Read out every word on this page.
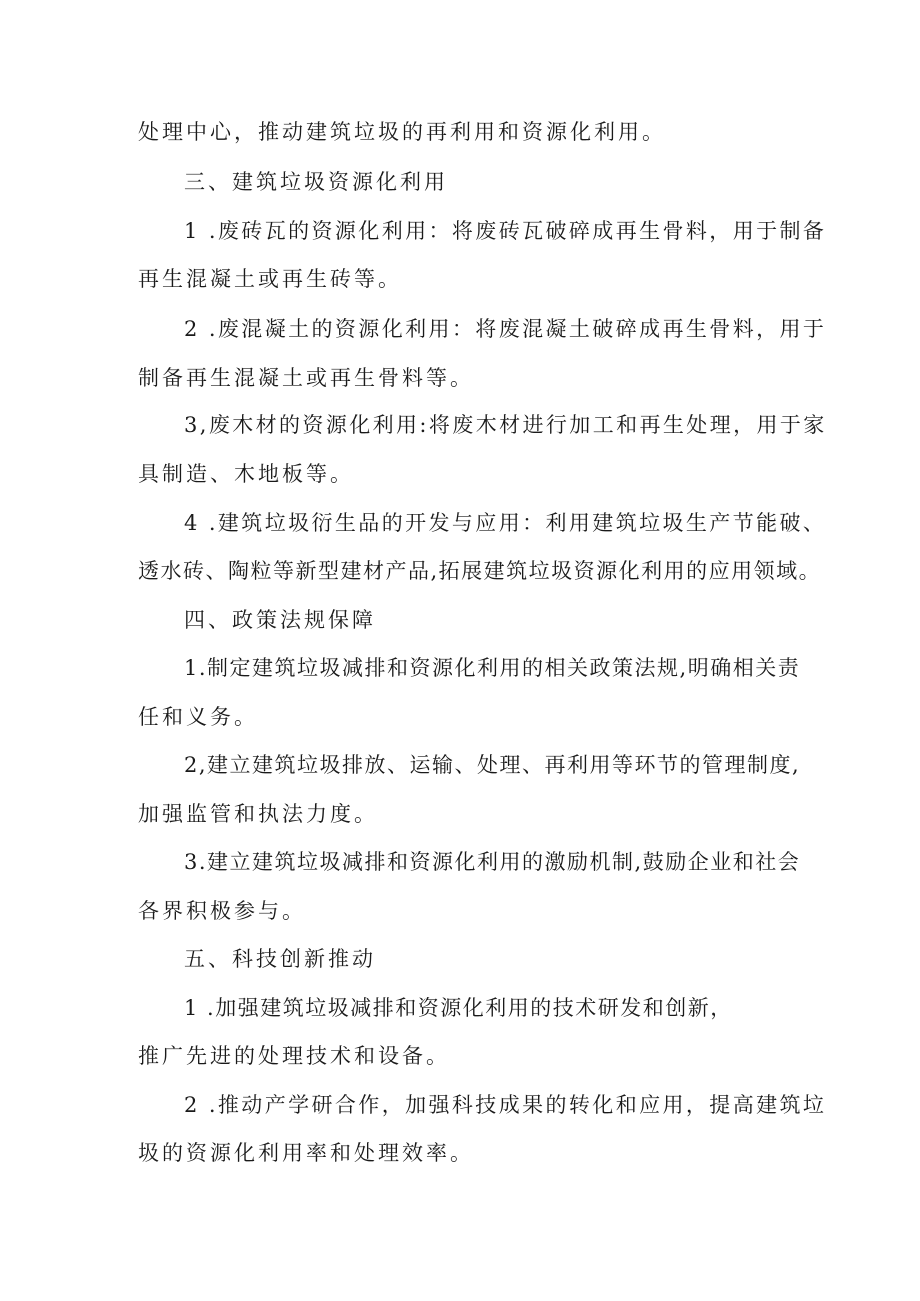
处理中心，推动建筑垃圾的再利用和资源化利用。
三、建筑垃圾资源化利用
1 .废砖瓦的资源化利用：将废砖瓦破碎成再生骨料，用于制备
再生混凝土或再生砖等。
2 .废混凝土的资源化利用：将废混凝土破碎成再生骨料，用于
制备再生混凝土或再生骨料等。
3,废木材的资源化利用:将废木材进行加工和再生处理，用于家
具制造、木地板等。
4 .建筑垃圾衍生品的开发与应用：利用建筑垃圾生产节能破、
透水砖、陶粒等新型建材产品,拓展建筑垃圾资源化利用的应用领域。
四、政策法规保障
1.制定建筑垃圾减排和资源化利用的相关政策法规,明确相关责
任和义务。
2,建立建筑垃圾排放、运输、处理、再利用等环节的管理制度,
加强监管和执法力度。
3.建立建筑垃圾减排和资源化利用的激励机制,鼓励企业和社会
各界积极参与。
五、科技创新推动
1 .加强建筑垃圾减排和资源化利用的技术研发和创新，
推广先进的处理技术和设备。
2 .推动产学研合作，加强科技成果的转化和应用，提高建筑垃
圾的资源化利用率和处理效率。
